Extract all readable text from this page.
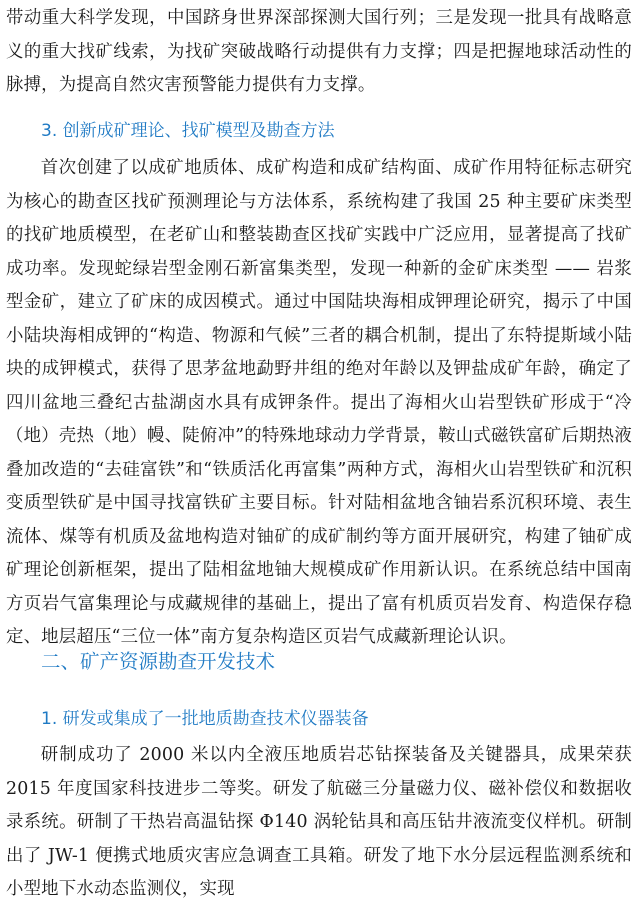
带动重大科学发现，中国跻身世界深部探测大国行列；三是发现一批具有战略意义的重大找矿线索，为找矿突破战略行动提供有力支撑；四是把握地球活动性的脉搏，为提高自然灾害预警能力提供有力支撑。

3. 创新成矿理论、找矿模型及勘查方法

首次创建了以成矿地质体、成矿构造和成矿结构面、成矿作用特征标志研究为核心的勘查区找矿预测理论与方法体系，系统构建了我国 25 种主要矿床类型的找矿地质模型，在老矿山和整装勘查区找矿实践中广泛应用，显著提高了找矿成功率。发现蛇绿岩型金刚石新富集类型，发现一种新的金矿床类型 —— 岩浆型金矿，建立了矿床的成因模式。通过中国陆块海相成钾理论研究，揭示了中国小陆块海相成钾的“构造、物源和气候”三者的耦合机制，提出了东特提斯域小陆块的成钾模式，获得了思茅盆地勐野井组的绝对年龄以及钾盐成矿年龄，确定了四川盆地三叠纪古盐湖卤水具有成钾条件。提出了海相火山岩型铁矿形成于“冷（地）壳热（地）幔、陡俯冲”的特殊地球动力学背景，鞍山式磁铁富矿后期热液叠加改造的“去硅富铁”和“铁质活化再富集”两种方式，海相火山岩型铁矿和沉积变质型铁矿是中国寻找富铁矿主要目标。针对陆相盆地含铀岩系沉积环境、表生流体、煤等有机质及盆地构造对铀矿的成矿制约等方面开展研究，构建了铀矿成矿理论创新框架，提出了陆相盆地铀大规模成矿作用新认识。在系统总结中国南方页岩气富集理论与成藏规律的基础上，提出了富有机质页岩发育、构造保存稳定、地层超压“三位一体”南方复杂构造区页岩气成藏新理论认识。

二、矿产资源勘查开发技术
1. 研发或集成了一批地质勘查技术仪器装备

研制成功了 2000 米以内全液压地质岩芯钻探装备及关键器具，成果荣获 2015 年度国家科技进步二等奖。研发了航磁三分量磁力仪、磁补偿仪和数据收录系统。研制了干热岩高温钻探 Φ140 涡轮钻具和高压钻井液流变仪样机。研制出了 JW-1 便携式地质灾害应急调查工具箱。研发了地下水分层远程监测系统和小型地下水动态监测仪，实现
